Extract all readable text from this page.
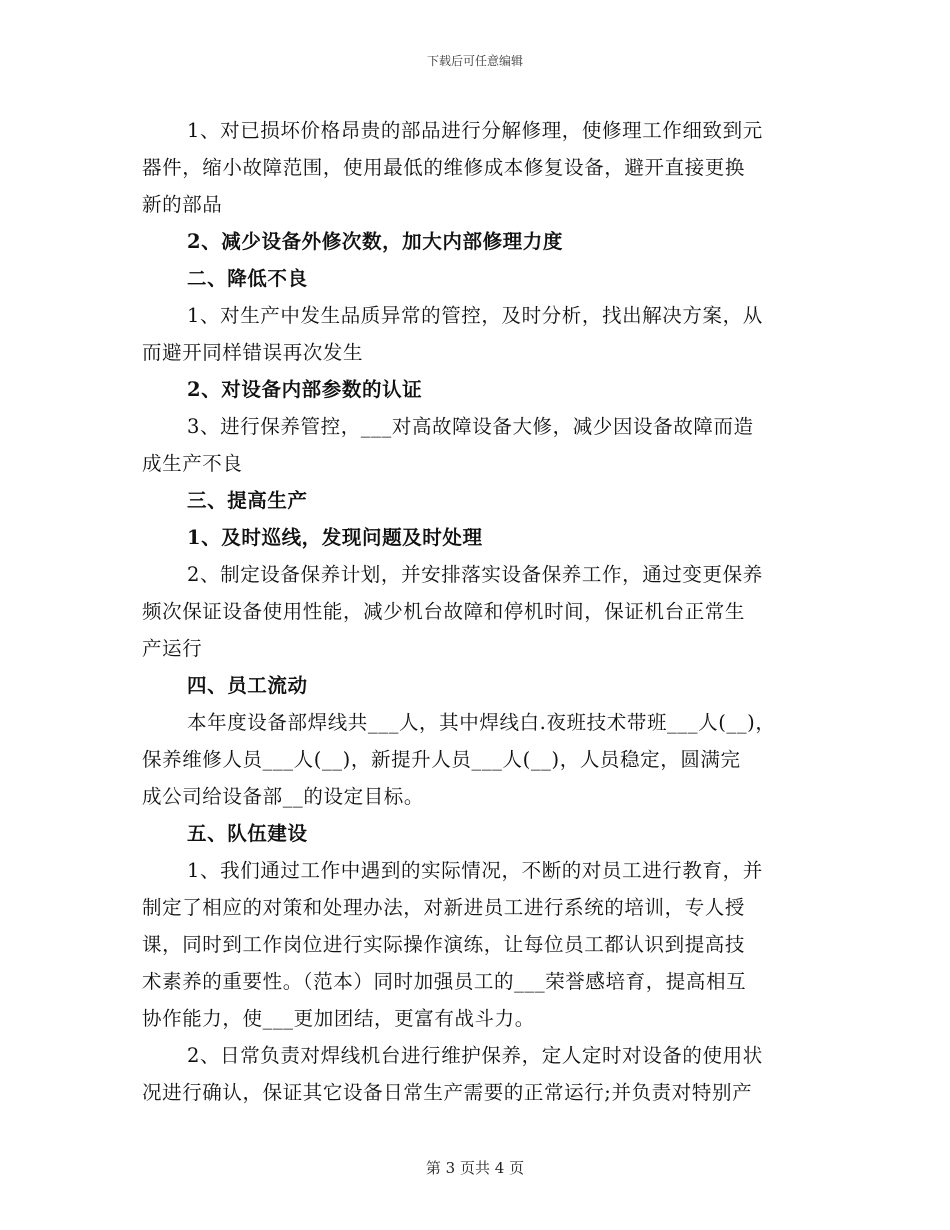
下载后可任意编辑
1、对已损坏价格昂贵的部品进行分解修理，使修理工作细致到元
器件，缩小故障范围，使用最低的维修成本修复设备，避开直接更换
新的部品
2、减少设备外修次数，加大内部修理力度
二、降低不良
1、对生产中发生品质异常的管控，及时分析，找出解决方案，从
而避开同样错误再次发生
2、对设备内部参数的认证
3、进行保养管控，___对高故障设备大修，减少因设备故障而造
成生产不良
三、提高生产
1、及时巡线，发现问题及时处理
2、制定设备保养计划，并安排落实设备保养工作，通过变更保养
频次保证设备使用性能，减少机台故障和停机时间，保证机台正常生
产运行
四、员工流动
本年度设备部焊线共___人，其中焊线白.夜班技术带班___人(__)，
保养维修人员___人(__)，新提升人员___人(__)，人员稳定，圆满完
成公司给设备部__的设定目标。
五、队伍建设
1、我们通过工作中遇到的实际情况，不断的对员工进行教育，并
制定了相应的对策和处理办法，对新进员工进行系统的培训，专人授
课，同时到工作岗位进行实际操作演练，让每位员工都认识到提高技
术素养的重要性。（范本）同时加强员工的___荣誉感培育，提高相互
协作能力，使___更加团结，更富有战斗力。
2、日常负责对焊线机台进行维护保养，定人定时对设备的使用状
况进行确认，保证其它设备日常生产需要的正常运行;并负责对特别产
第 3 页共 4 页
